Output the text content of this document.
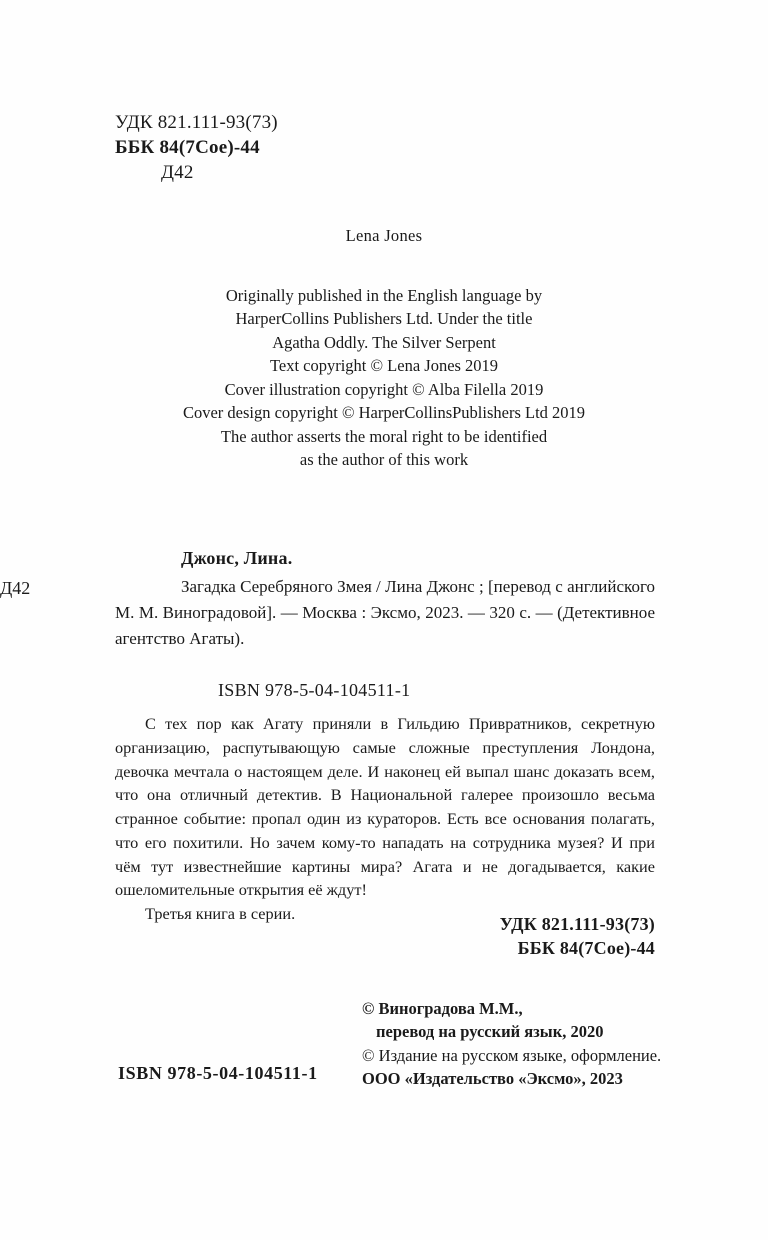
УДК 821.111-93(73)
ББК 84(7Сое)-44
Д42
Lena Jones
Originally published in the English language by
HarperCollins Publishers Ltd. Under the title
Agatha Oddly. The Silver Serpent
Text copyright © Lena Jones 2019
Cover illustration copyright © Alba Filella 2019
Cover design copyright © HarperCollinsPublishers Ltd 2019
The author asserts the moral right to be identified
as the author of this work
Д42
Джонс, Лина.

Загадка Серебряного Змея / Лина Джонс ; [перевод с английского М. М. Виноградовой]. — Москва : Эксмо, 2023. — 320 с. — (Детективное агентство Агаты).

ISBN 978-5-04-104511-1

С тех пор как Агату приняли в Гильдию Привратников, секретную организацию, распутывающую самые сложные преступления Лондона, девочка мечтала о настоящем деле. И наконец ей выпал шанс доказать всем, что она отличный детектив. В Национальной галерее произошло весьма странное событие: пропал один из кураторов. Есть все основания полагать, что его похитили. Но зачем кому-то нападать на сотрудника музея? И при чём тут известнейшие картины мира? Агата и не догадывается, какие ошеломительные открытия её ждут!

Третья книга в серии.

УДК 821.111-93(73)
ББК 84(7Сое)-44
© Виноградова М.М.,
перевод на русский язык, 2020
© Издание на русском языке, оформление.
ООО «Издательство «Эксмо», 2023
ISBN 978-5-04-104511-1
